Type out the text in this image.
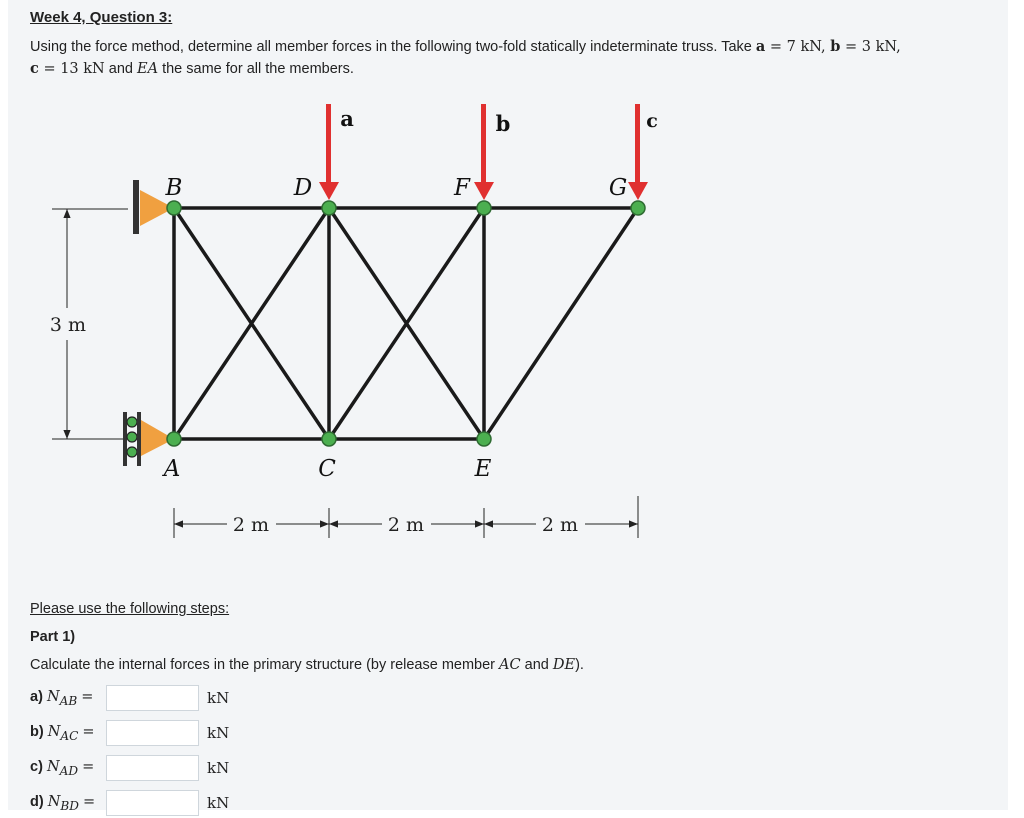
Week 4, Question 3:
Using the force method, determine all member forces in the following two-fold statically indeterminate truss. Take a = 7 kN, b = 3 kN,
c = 13 kN and EA the same for all the members.
3 m
a	b	c
B	D	F	G
A	C	E
2 m	2 m	2 m
Please use the following steps:
Part 1)
Calculate the internal forces in the primary structure (by release member AC and DE).
a) $N_{AB}$ =	kN
b) $N_{AC}$ =	kN
c) $N_{AD}$ =	kN
d) $N_{BD}$ =	kN
